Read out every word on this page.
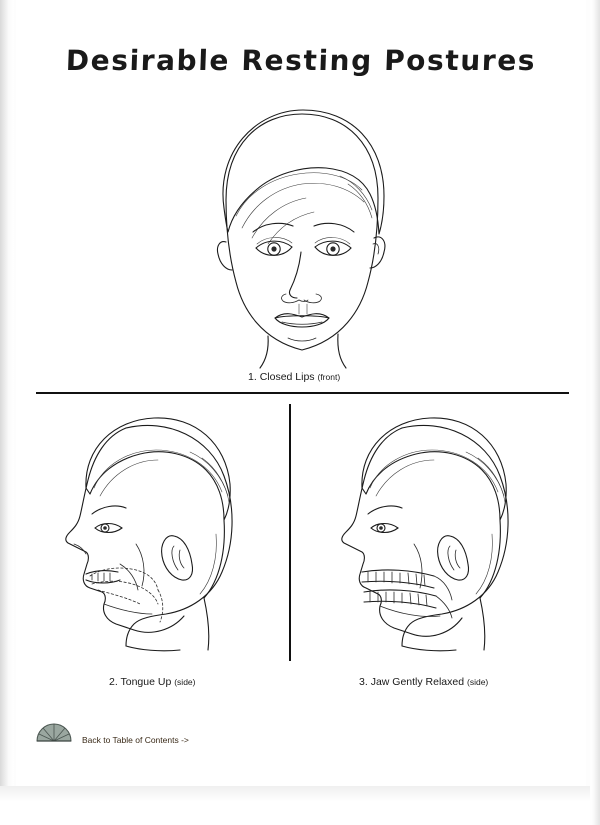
Desirable Resting Postures
1. Closed Lips (front)
2. Tongue Up (side)	3. Jaw Gently Relaxed (side)
Back to Table of Contents ->
